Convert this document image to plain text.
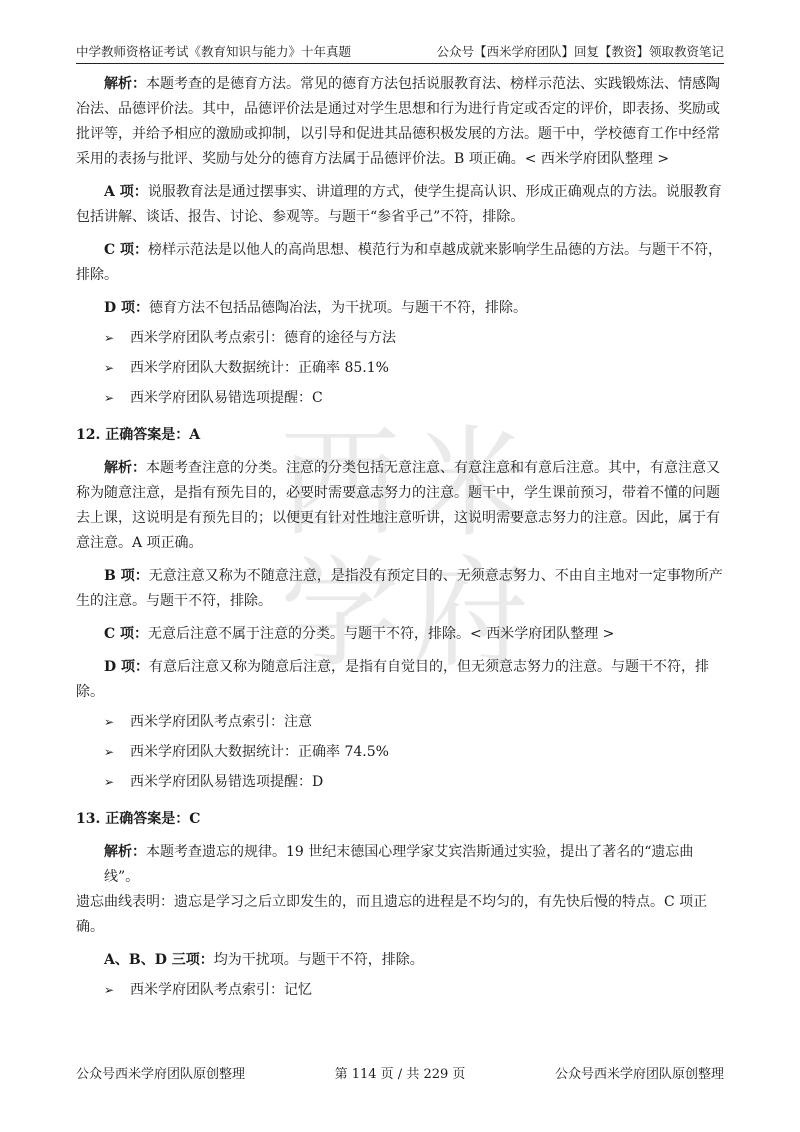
中学教师资格证考试《教育知识与能力》十年真题	公众号【西米学府团队】回复【教资】领取教资笔记
西 米
学 府

解析：本题考查的是德育方法。常见的德育方法包括说服教育法、榜样示范法、实践锻炼法、情感陶

冶法、品德评价法。其中，品德评价法是通过对学生思想和行为进行肯定或否定的评价，即表扬、奖励或

批评等，并给予相应的激励或抑制，以引导和促进其品德积极发展的方法。题干中，学校德育工作中经常

采用的表扬与批评、奖励与处分的德育方法属于品德评价法。B 项正确。< 西米学府团队整理 >

A 项：说服教育法是通过摆事实、讲道理的方式，使学生提高认识、形成正确观点的方法。说服教育

包括讲解、谈话、报告、讨论、参观等。与题干“参省乎己”不符，排除。

C 项：榜样示范法是以他人的高尚思想、模范行为和卓越成就来影响学生品德的方法。与题干不符，

排除。

D 项：德育方法不包括品德陶冶法，为干扰项。与题干不符，排除。

➢	西米学府团队考点索引：德育的途径与方法
➢	西米学府团队大数据统计：正确率 85.1%
➢	西米学府团队易错选项提醒：C

12. 正确答案是：A

解析：本题考查注意的分类。注意的分类包括无意注意、有意注意和有意后注意。其中，有意注意又

称为随意注意，是指有预先目的，必要时需要意志努力的注意。题干中，学生课前预习，带着不懂的问题

去上课，这说明是有预先目的；以便更有针对性地注意听讲，这说明需要意志努力的注意。因此，属于有

意注意。A 项正确。

B 项：无意注意又称为不随意注意，是指没有预定目的、无须意志努力、不由自主地对一定事物所产

生的注意。与题干不符，排除。

C 项：无意后注意不属于注意的分类。与题干不符，排除。< 西米学府团队整理 >

D 项：有意后注意又称为随意后注意，是指有自觉目的，但无须意志努力的注意。与题干不符，排

除。

➢	西米学府团队考点索引：注意
➢	西米学府团队大数据统计：正确率 74.5%
➢	西米学府团队易错选项提醒：D

13. 正确答案是：C

解析：本题考查遗忘的规律。19 世纪末德国心理学家艾宾浩斯通过实验，提出了著名的“遗忘曲线”。

遗忘曲线表明：遗忘是学习之后立即发生的，而且遗忘的进程是不均匀的，有先快后慢的特点。C 项正确。

A、B、D 三项：均为干扰项。与题干不符，排除。

➢	西米学府团队考点索引：记忆
公众号西米学府团队原创整理	第 114 页 / 共 229 页	公众号西米学府团队原创整理
